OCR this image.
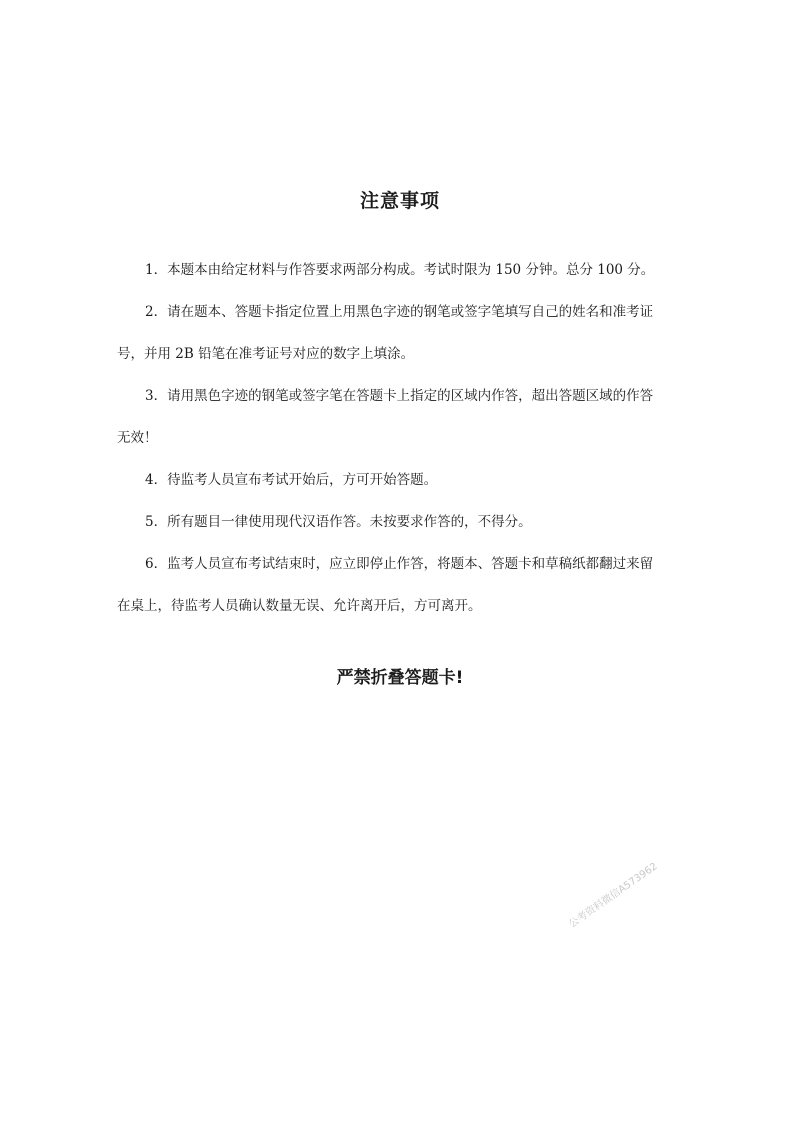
注意事项

1．本题本由给定材料与作答要求两部分构成。考试时限为 150 分钟。总分 100 分。

2．请在题本、答题卡指定位置上用黑色字迹的钢笔或签字笔填写自己的姓名和准考证
号，并用 2B 铅笔在准考证号对应的数字上填涂。

3．请用黑色字迹的钢笔或签字笔在答题卡上指定的区域内作答，超出答题区域的作答
无效！

4．待监考人员宣布考试开始后，方可开始答题。

5．所有题目一律使用现代汉语作答。未按要求作答的，不得分。

6．监考人员宣布考试结束时，应立即停止作答，将题本、答题卡和草稿纸都翻过来留
在桌上，待监考人员确认数量无误、允许离开后，方可离开。

严禁折叠答题卡!
公考资料微信A573962
